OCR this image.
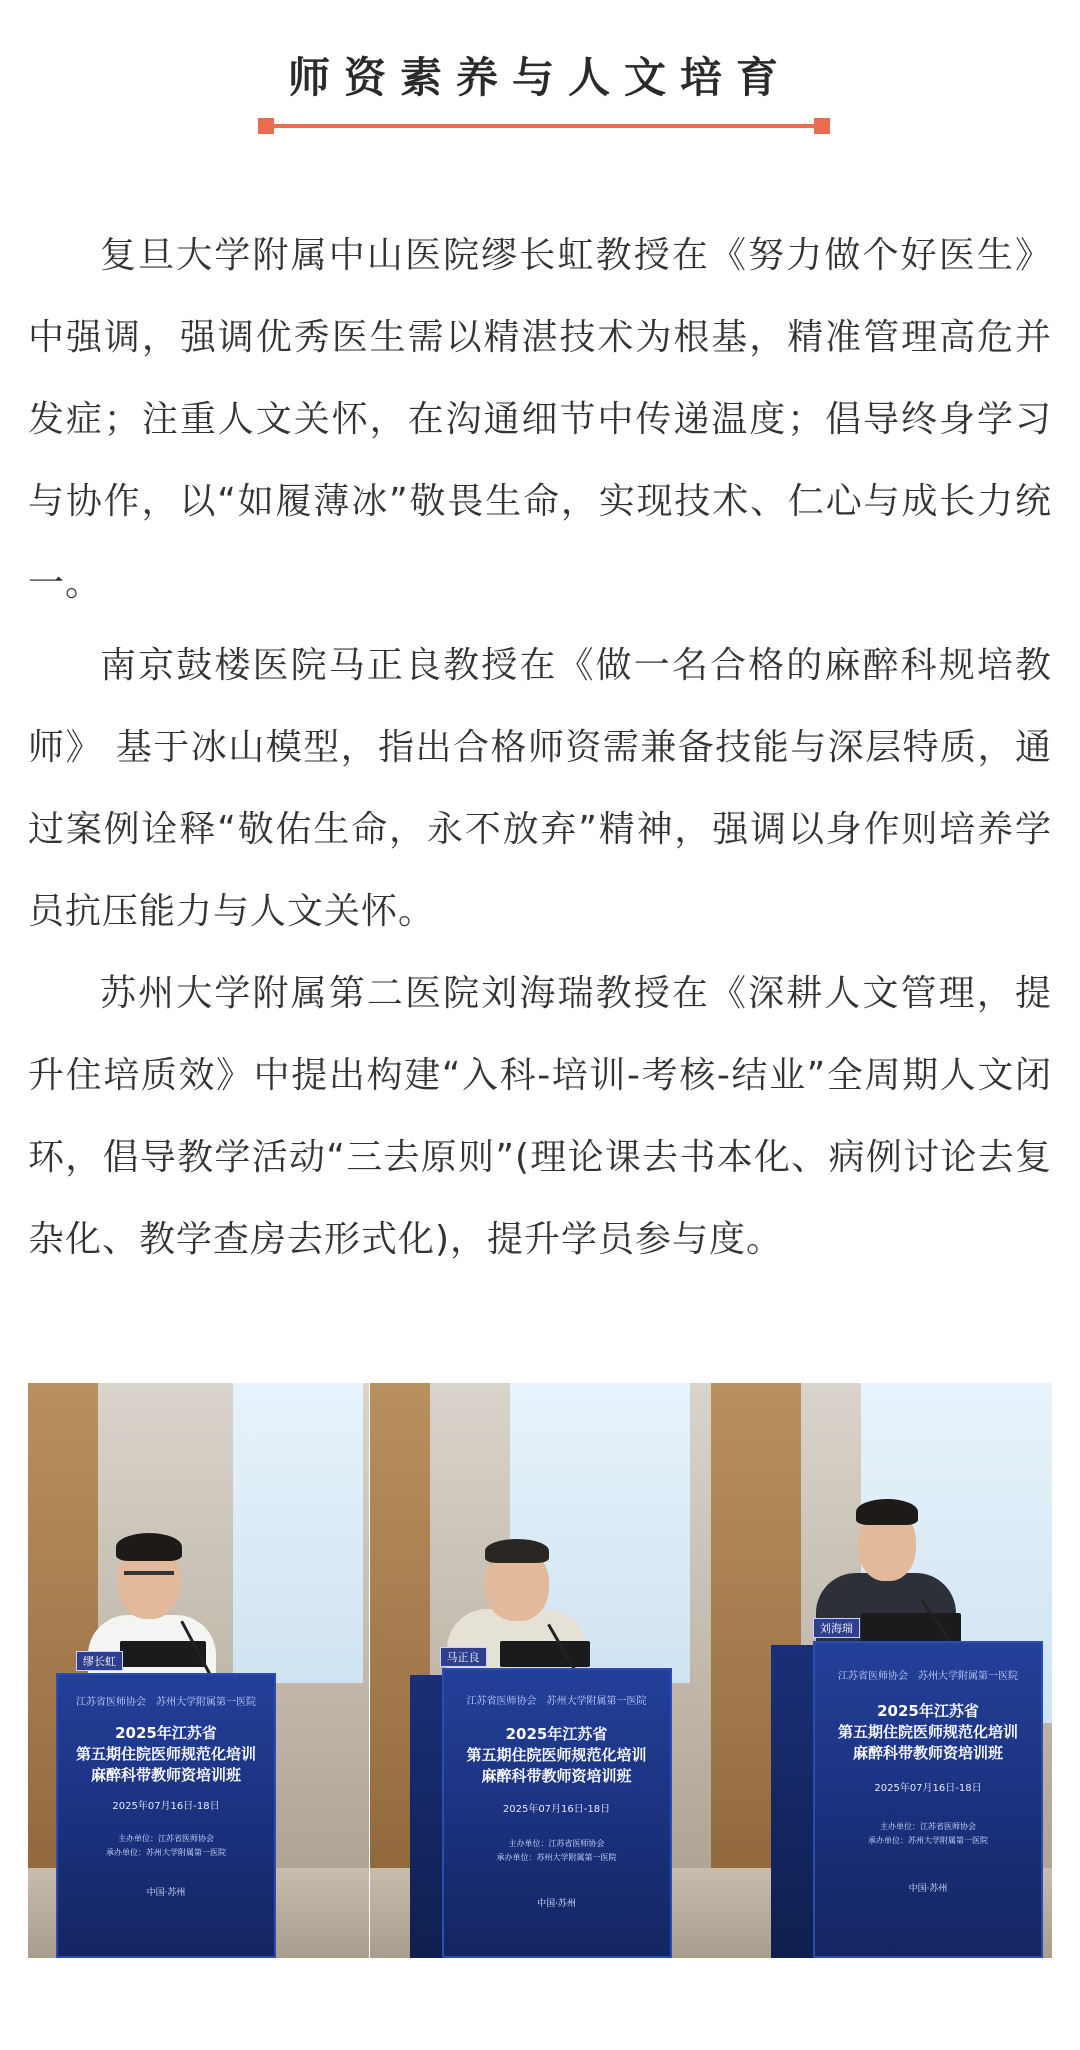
师资素养与人文培育

复旦大学附属中山医院缪长虹教授在《努力做个好医生》中强调，强调优秀医生需以精湛技术为根基，精准管理高危并发症；注重人文关怀，在沟通细节中传递温度；倡导终身学习与协作，以“如履薄冰”敬畏生命，实现技术、仁心与成长力统一。

南京鼓楼医院马正良教授在《做一名合格的麻醉科规培教师》 基于冰山模型，指出合格师资需兼备技能与深层特质，通过案例诠释“敬佑生命，永不放弃”精神，强调以身作则培养学员抗压能力与人文关怀。

苏州大学附属第二医院刘海瑞教授在《深耕人文管理，提升住培质效》中提出构建“入科-培训-考核-结业”全周期人文闭环，倡导教学活动“三去原则”(理论课去书本化、病例讨论去复杂化、教学查房去形式化)，提升学员参与度。

缪长虹
江苏省医师协会　苏州大学附属第一医院
2025年江苏省
第五期住院医师规范化培训
麻醉科带教师资培训班
2025年07月16日-18日
主办单位：江苏省医师协会
承办单位：苏州大学附属第一医院
中国·苏州
马正良
江苏省医师协会　苏州大学附属第一医院
2025年江苏省
第五期住院医师规范化培训
麻醉科带教师资培训班
2025年07月16日-18日
主办单位：江苏省医师协会
承办单位：苏州大学附属第一医院
中国·苏州
刘海瑞
江苏省医师协会　苏州大学附属第一医院
2025年江苏省
第五期住院医师规范化培训
麻醉科带教师资培训班
2025年07月16日-18日
主办单位：江苏省医师协会
承办单位：苏州大学附属第一医院
中国·苏州
